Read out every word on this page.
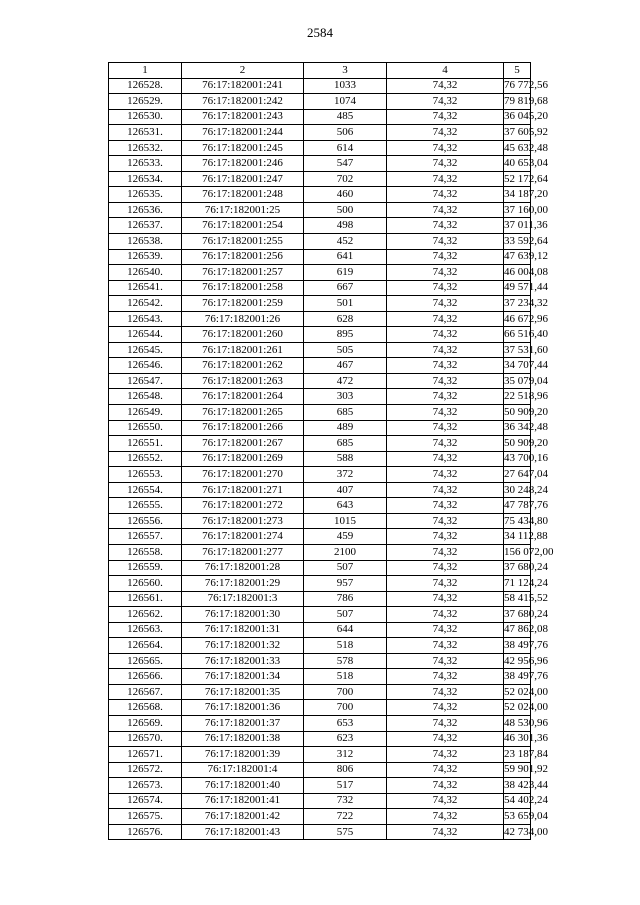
2584
1	2	3	4	5
126528.	76:17:182001:241	1033	74,32	76 772,56
126529.	76:17:182001:242	1074	74,32	79 819,68
126530.	76:17:182001:243	485	74,32	36 045,20
126531.	76:17:182001:244	506	74,32	37 605,92
126532.	76:17:182001:245	614	74,32	45 632,48
126533.	76:17:182001:246	547	74,32	40 653,04
126534.	76:17:182001:247	702	74,32	52 172,64
126535.	76:17:182001:248	460	74,32	34 187,20
126536.	76:17:182001:25	500	74,32	37 160,00
126537.	76:17:182001:254	498	74,32	37 011,36
126538.	76:17:182001:255	452	74,32	33 592,64
126539.	76:17:182001:256	641	74,32	47 639,12
126540.	76:17:182001:257	619	74,32	46 004,08
126541.	76:17:182001:258	667	74,32	49 571,44
126542.	76:17:182001:259	501	74,32	37 234,32
126543.	76:17:182001:26	628	74,32	46 672,96
126544.	76:17:182001:260	895	74,32	66 516,40
126545.	76:17:182001:261	505	74,32	37 531,60
126546.	76:17:182001:262	467	74,32	34 707,44
126547.	76:17:182001:263	472	74,32	35 079,04
126548.	76:17:182001:264	303	74,32	22 518,96
126549.	76:17:182001:265	685	74,32	50 909,20
126550.	76:17:182001:266	489	74,32	36 342,48
126551.	76:17:182001:267	685	74,32	50 909,20
126552.	76:17:182001:269	588	74,32	43 700,16
126553.	76:17:182001:270	372	74,32	27 647,04
126554.	76:17:182001:271	407	74,32	30 248,24
126555.	76:17:182001:272	643	74,32	47 787,76
126556.	76:17:182001:273	1015	74,32	75 434,80
126557.	76:17:182001:274	459	74,32	34 112,88
126558.	76:17:182001:277	2100	74,32	156 072,00
126559.	76:17:182001:28	507	74,32	37 680,24
126560.	76:17:182001:29	957	74,32	71 124,24
126561.	76:17:182001:3	786	74,32	58 415,52
126562.	76:17:182001:30	507	74,32	37 680,24
126563.	76:17:182001:31	644	74,32	47 862,08
126564.	76:17:182001:32	518	74,32	38 497,76
126565.	76:17:182001:33	578	74,32	42 956,96
126566.	76:17:182001:34	518	74,32	38 497,76
126567.	76:17:182001:35	700	74,32	52 024,00
126568.	76:17:182001:36	700	74,32	52 024,00
126569.	76:17:182001:37	653	74,32	48 530,96
126570.	76:17:182001:38	623	74,32	46 301,36
126571.	76:17:182001:39	312	74,32	23 187,84
126572.	76:17:182001:4	806	74,32	59 901,92
126573.	76:17:182001:40	517	74,32	38 423,44
126574.	76:17:182001:41	732	74,32	54 402,24
126575.	76:17:182001:42	722	74,32	53 659,04
126576.	76:17:182001:43	575	74,32	42 734,00
